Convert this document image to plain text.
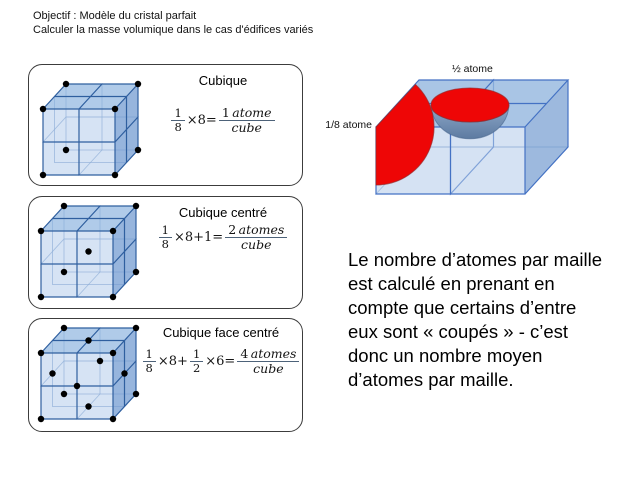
Objectif : Modèle du cristal parfait
Calculer la masse volumique dans le cas d'édifices variés
Cubique
$\frac{1}{8} \times 8= \frac{\text{1  atome}}{\text{cube}}$
Cubique centré
$\frac{1}{8} \times 8+1= \frac{\text{2  atomes}}{\text{cube}}$
Cubique face centré
$\frac{1}{8} \times 8+ \frac{1}{2} \times 6= \frac{\text{4  atomes}}{\text{cube}}$
½ atome
1/8 atome
Le nombre d’atomes par maille est calculé en prenant en compte que certains d’entre eux sont « coupés » - c’est donc un nombre moyen d’atomes par maille.
